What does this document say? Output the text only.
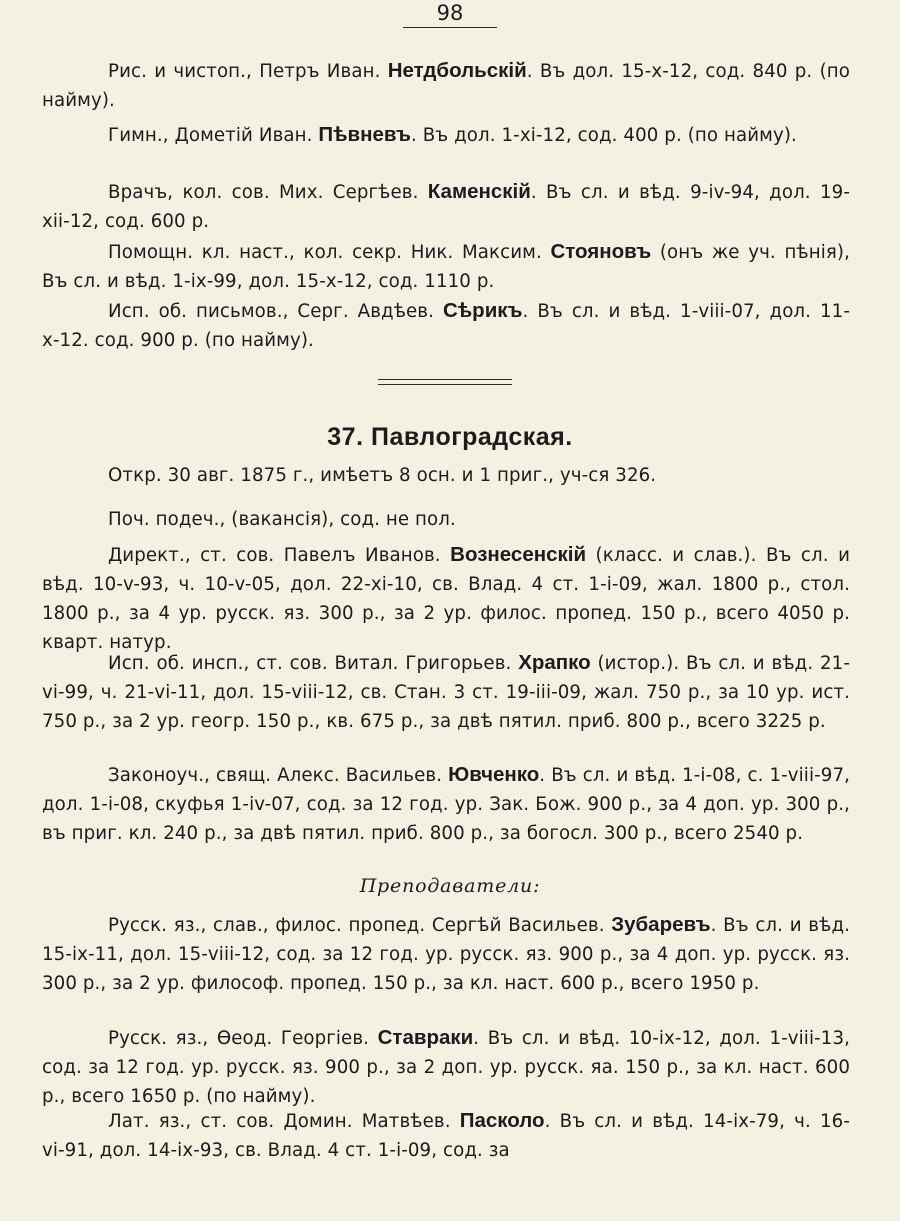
98

Рис. и чистоп., Петръ Иван. Нетдбольскій. Въ дол. 15-х-12, сод. 840 р. (по найму).

Гимн., Дометій Иван. Пѣвневъ. Въ дол. 1-хі-12, сод. 400 р. (по найму).

Врачъ, кол. сов. Мих. Сергѣев. Каменскій. Въ сл. и вѣд. 9-іv-94, дол. 19-хіі-12, сод. 600 р.

Помощн. кл. наст., кол. секр. Ник. Максим. Стояновъ (онъ же уч. пѣнія), Въ сл. и вѣд. 1-іх-99, дол. 15-х-12, сод. 1110 р.

Исп. об. письмов., Серг. Авдѣев. Сѣрикъ. Въ сл. и вѣд. 1-vііі-07, дол. 11-х-12. сод. 900 р. (по найму).

37. Павлоградская.

Откр. 30 авг. 1875 г., имѣетъ 8 осн. и 1 приг., уч-ся 326.

Поч. подеч., (вакансія), сод. не пол.

Директ., ст. сов. Павелъ Иванов. Вознесенскій (класс. и слав.). Въ сл. и вѣд. 10-v-93, ч. 10-v-05, дол. 22-хі-10, св. Влад. 4 ст. 1-і-09, жал. 1800 р., стол. 1800 р., за 4 ур. русск. яз. 300 р., за 2 ур. филос. пропед. 150 р., всего 4050 р. кварт. натур.

Исп. об. инсп., ст. сов. Витал. Григорьев. Храпко (истор.). Въ сл. и вѣд. 21-vі-99, ч. 21-vі-11, дол. 15-vііі-12, св. Стан. 3 ст. 19-ііі-09, жал. 750 р., за 10 ур. ист. 750 р., за 2 ур. геогр. 150 р., кв. 675 р., за двѣ пятил. приб. 800 р., всего 3225 р.

Законоуч., свящ. Алекс. Васильев. Ювченко. Въ сл. и вѣд. 1-і-08, с. 1-vііі-97, дол. 1-і-08, скуфья 1-іv-07, сод. за 12 год. ур. Зак. Бож. 900 р., за 4 доп. ур. 300 р., въ приг. кл. 240 р., за двѣ пятил. приб. 800 р., за богосл. 300 р., всего 2540 р.

Преподаватели:

Русск. яз., слав., филос. пропед. Сергѣй Васильев. Зубаревъ. Въ сл. и вѣд. 15-іх-11, дол. 15-vііі-12, сод. за 12 год. ур. русск. яз. 900 р., за 4 доп. ур. русск. яз. 300 р., за 2 ур. философ. пропед. 150 р., за кл. наст. 600 р., всего 1950 р.

Русск. яз., Ѳеод. Георгіев. Ставраки. Въ сл. и вѣд. 10-іх-12, дол. 1-vііі-13, сод. за 12 год. ур. русск. яз. 900 р., за 2 доп. ур. русск. яа. 150 р., за кл. наст. 600 р., всего 1650 р. (по найму).

Лат. яз., ст. сов. Домин. Матвѣев. Пасколо. Въ сл. и вѣд. 14-іх-79, ч. 16-vі-91, дол. 14-іх-93, св. Влад. 4 ст. 1-і-09, сод. за
